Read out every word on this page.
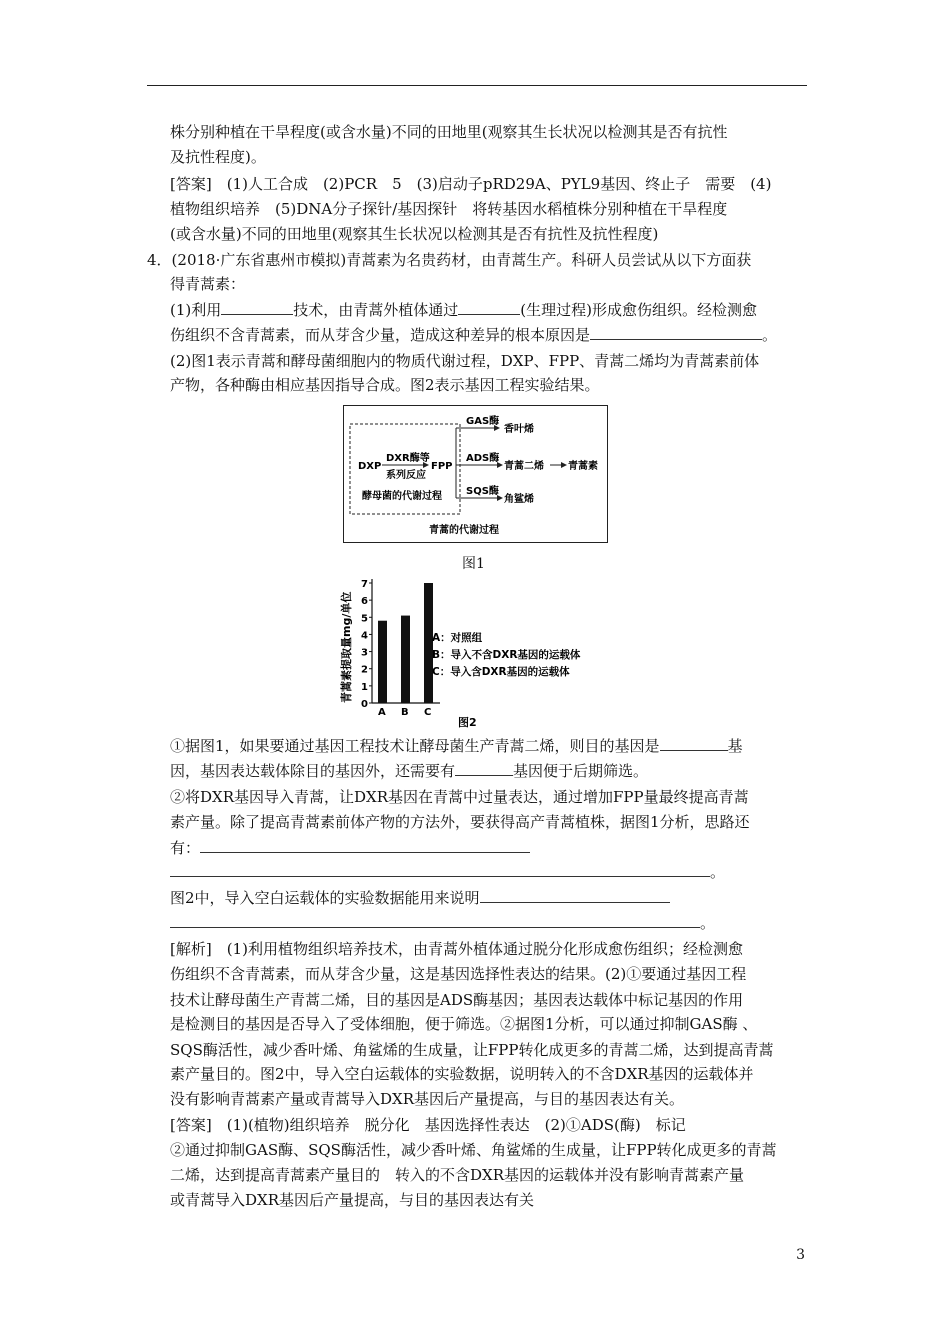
株分别种植在干旱程度(或含水量)不同的田地里(观察其生长状况以检测其是否有抗性
及抗性程度)。
[答案]　(1)人工合成　(2)PCR　5　(3)启动子pRD29A、PYL9基因、终止子　需要　(4)
植物组织培养　(5)DNA分子探针/基因探针　将转基因水稻植株分别种植在干旱程度
(或含水量)不同的田地里(观察其生长状况以检测其是否有抗性及抗性程度)
4．(2018·广东省惠州市模拟)青蒿素为名贵药材，由青蒿生产。科研人员尝试从以下方面获
得青蒿素：
(1)利用	技术，由青蒿外植体通过	(生理过程)形成愈伤组织。经检测愈
伤组织不含青蒿素，而从芽含少量，造成这种差异的根本原因是	。
(2)图1表示青蒿和酵母菌细胞内的物质代谢过程，DXP、FPP、青蒿二烯均为青蒿素前体
产物，各种酶由相应基因指导合成。图2表示基因工程实验结果。
DXP
DXR酶等
系列反应
FPP
酵母菌的代谢过程
GAS酶
ADS酶
SQS酶
香叶烯
青蒿二烯 青蒿素
角鲨烯
青蒿的代谢过程
图1
青蒿素提取量mg/单位
0
1
2
3
4
5
6
7
A B C
A：对照组
B：导入不含DXR基因的运载体
C：导入含DXR基因的运载体
图2
①据图1，如果要通过基因工程技术让酵母菌生产青蒿二烯，则目的基因是	基
因，基因表达载体除目的基因外，还需要有	基因便于后期筛选。
②将DXR基因导入青蒿，让DXR基因在青蒿中过量表达，通过增加FPP量最终提高青蒿
素产量。除了提高青蒿素前体产物的方法外，要获得高产青蒿植株，据图1分析，思路还
有：
。
图2中，导入空白运载体的实验数据能用来说明
。
[解析]　(1)利用植物组织培养技术，由青蒿外植体通过脱分化形成愈伤组织；经检测愈
伤组织不含青蒿素，而从芽含少量，这是基因选择性表达的结果。(2)①要通过基因工程
技术让酵母菌生产青蒿二烯，目的基因是ADS酶基因；基因表达载体中标记基因的作用
是检测目的基因是否导入了受体细胞，便于筛选。②据图1分析，可以通过抑制GAS酶 、
SQS酶活性，减少香叶烯、角鲨烯的生成量，让FPP转化成更多的青蒿二烯，达到提高青蒿
素产量目的。图2中，导入空白运载体的实验数据，说明转入的不含DXR基因的运载体并
没有影响青蒿素产量或青蒿导入DXR基因后产量提高，与目的基因表达有关。
[答案]　(1)(植物)组织培养　脱分化　基因选择性表达　(2)①ADS(酶)　标记
②通过抑制GAS酶、SQS酶活性，减少香叶烯、角鲨烯的生成量，让FPP转化成更多的青蒿
二烯，达到提高青蒿素产量目的　转入的不含DXR基因的运载体并没有影响青蒿素产量
或青蒿导入DXR基因后产量提高，与目的基因表达有关
3
